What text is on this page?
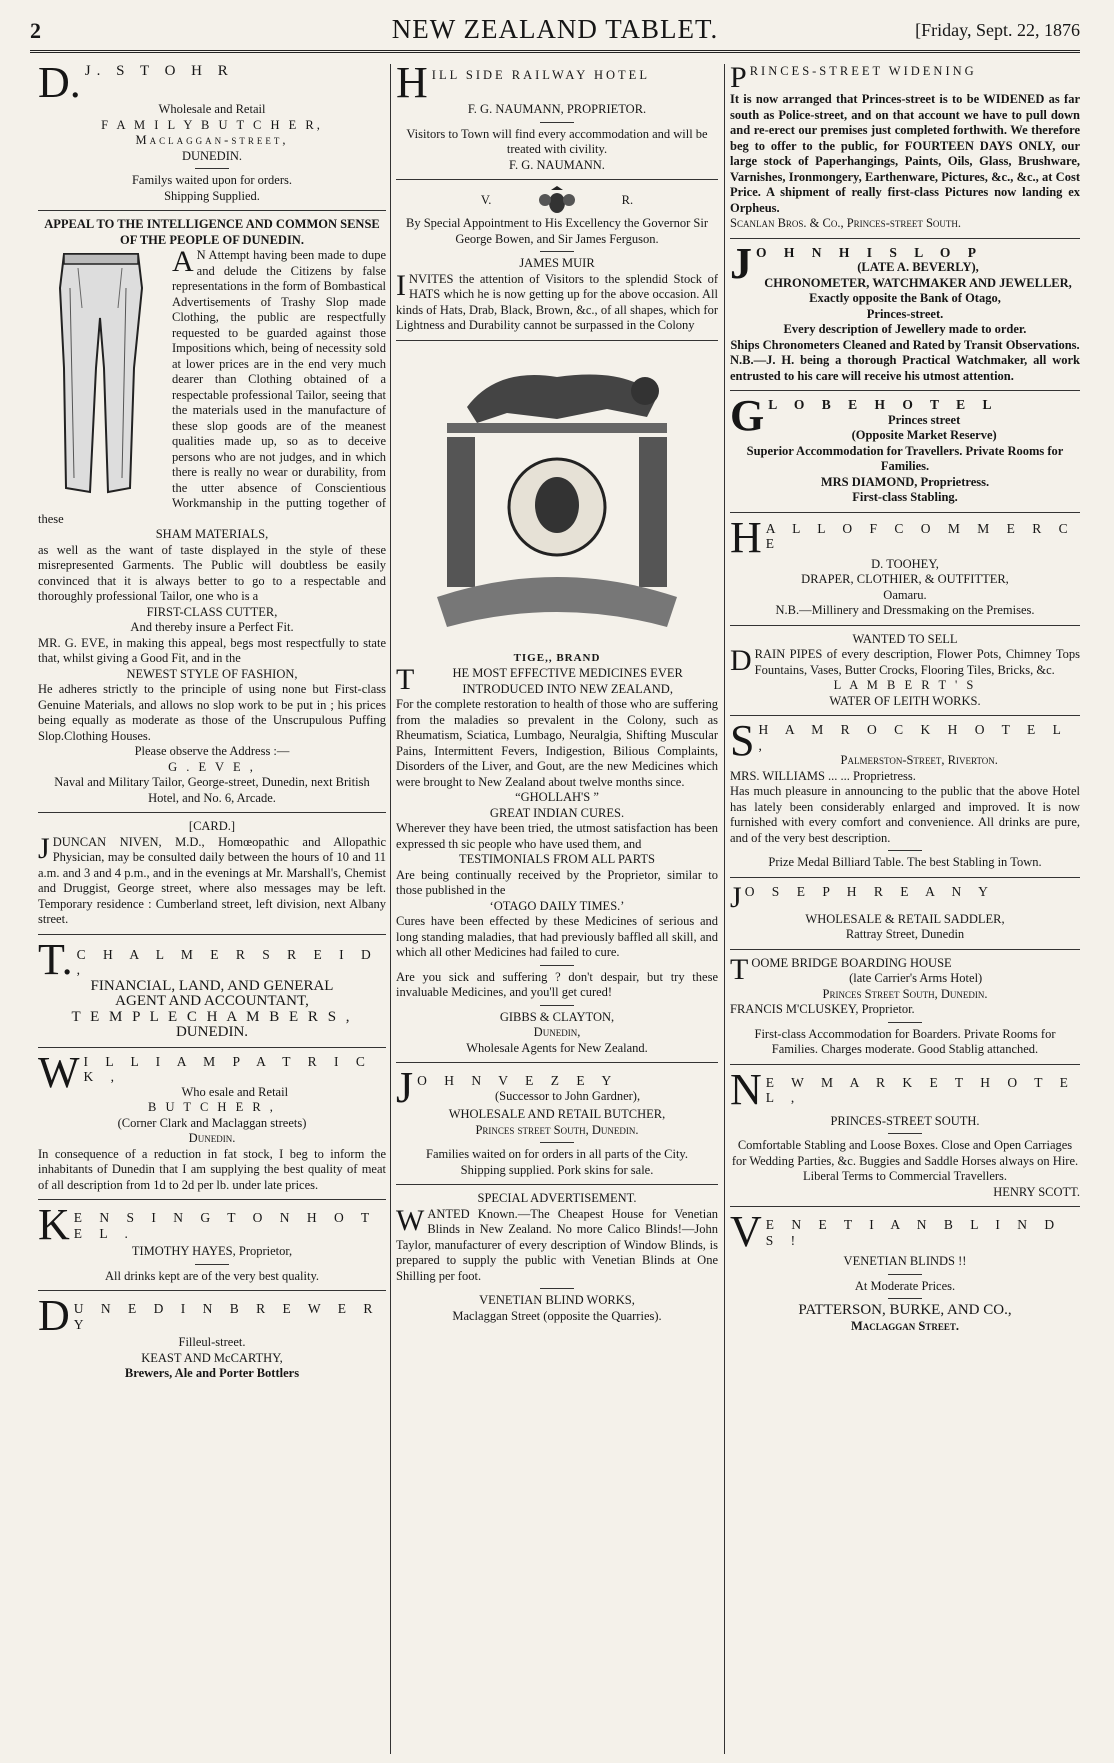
2	NEW ZEALAND TABLET.	[Friday, Sept. 22, 1876
D. J. S T O H R
Wholesale and Retail
F A M I L Y B U T C H E R,
Maclaggan-street,
DUNEDIN.
Familys waited upon for orders.
Shipping Supplied.
APPEAL TO THE INTELLIGENCE AND COMMON SENSE OF THE PEOPLE OF DUNEDIN.
A N Attempt having been made to dupe and delude the Citizens by false representations in the form of Bombastical Advertisements of Trashy Slop made Clothing, the public are respectfully requested to be guarded against those Impositions which, being of necessity sold at lower prices are in the end very much dearer than Clothing obtained of a respectable professional Tailor, seeing that the materials used in the manufacture of these slop goods are of the meanest qualities made up, so as to deceive persons who are not judges, and in which there is really no wear or durability, from the utter absence of Conscientious Workmanship in the putting together of these
SHAM MATERIALS,
as well as the want of taste displayed in the style of these misrepresented Garments. The Public will doubtless be easily convinced that it is always better to go to a respectable and thoroughly professional Tailor, one who is a
FIRST-CLASS CUTTER,
And thereby insure a Perfect Fit.
MR. G. EVE, in making this appeal, begs most respectfully to state that, whilst giving a Good Fit, and in the
NEWEST STYLE OF FASHION,
He adheres strictly to the principle of using none but First-class Genuine Materials, and allows no slop work to be put in ; his prices being equally as moderate as those of the Unscrupulous Puffing Slop.Clothing Houses.
Please observe the Address :—
G . E V E ,
Naval and Military Tailor, George-street, Dunedin, next British Hotel, and No. 6, Arcade.
[CARD.]
J DUNCAN NIVEN, M.D., Homœopathic and Allopathic Physician, may be consulted daily between the hours of 10 and 11 a.m. and 3 and 4 p.m., and in the evenings at Mr. Marshall's, Chemist and Druggist, George street, where also messages may be left. Temporary residence : Cumberland street, left division, next Albany street.
T. C H A L M E R S R E I D ,
FINANCIAL, LAND, AND GENERAL
AGENT AND ACCOUNTANT,
T E M P L E C H A M B E R S ,
DUNEDIN.
W I L L I A M P A T R I C K ,
Who esale and Retail
B U T C H E R ,
(Corner Clark and Maclaggan streets)
Dunedin.
In consequence of a reduction in fat stock, I beg to inform the inhabitants of Dunedin that I am supplying the best quality of meat of all description from 1d to 2d per lb. under late prices.
K E N S I N G T O N H O T E L .
TIMOTHY HAYES, Proprietor,
All drinks kept are of the very best quality.
D U N E D I N B R E W E R Y
Filleul-street.
KEAST AND McCARTHY,
Brewers, Ale and Porter Bottlers
H ILL SIDE RAILWAY HOTEL
F. G. NAUMANN, PROPRIETOR.
Visitors to Town will find every accommodation and will be treated with civility.
F. G. NAUMANN.
V.	R.
By Special Appointment to His Excellency the Governor Sir George Bowen, and Sir James Ferguson.
JAMES MUIR
I NVITES the attention of Visitors to the splendid Stock of HATS which he is now getting up for the above occasion. All kinds of Hats, Drab, Black, Brown, &c., of all shapes, which for Lightness and Durability cannot be surpassed in the Colony
TIGE,, BRAND
T	HE MOST EFFECTIVE MEDICINES EVER INTRODUCED INTO NEW ZEALAND,
For the complete restoration to health of those who are suffering from the maladies so prevalent in the Colony, such as Rheumatism, Sciatica, Lumbago, Neuralgia, Shifting Muscular Pains, Intermittent Fevers, Indigestion, Bilious Complaints, Disorders of the Liver, and Gout, are the new Medicines which were brought to New Zealand about twelve months since.
“GHOLLAH'S ”
GREAT INDIAN CURES.
Wherever they have been tried, the utmost satisfaction has been expressed th sic people who have used them, and
TESTIMONIALS FROM ALL PARTS
Are being continually received by the Proprietor, similar to those published in the
‘OTAGO DAILY TIMES.’
Cures have been effected by these Medicines of serious and long standing maladies, that had previously baffled all skill, and which all other Medicines had failed to cure.
Are you sick and suffering ? don't despair, but try these invaluable Medicines, and you'll get cured!
GIBBS & CLAYTON,
Dunedin,
Wholesale Agents for New Zealand.
J O H N V E Z E Y
(Successor to John Gardner),
WHOLESALE AND RETAIL BUTCHER,
Princes street South, Dunedin.
Families waited on for orders in all parts of the City.
Shipping supplied. Pork skins for sale.
SPECIAL ADVERTISEMENT.
W ANTED Known.—The Cheapest House for Venetian Blinds in New Zealand. No more Calico Blinds!—John Taylor, manufacturer of every description of Window Blinds, is prepared to supply the public with Venetian Blinds at One Shilling per foot.
VENETIAN BLIND WORKS,
Maclaggan Street (opposite the Quarries).
P RINCES-STREET WIDENING
It is now arranged that Princes-street is to be WIDENED as far south as Police-street, and on that account we have to pull down and re-erect our premises just completed forthwith. We therefore beg to offer to the public, for FOURTEEN DAYS ONLY, our large stock of Paperhangings, Paints, Oils, Glass, Brushware, Varnishes, Ironmongery, Earthenware, Pictures, &c., &c., at Cost Price. A shipment of really first-class Pictures now landing ex Orpheus.
Scanlan Bros. & Co., Princes-street South.
J O H N H I S L O P
(LATE A. BEVERLY),
CHRONOMETER, WATCHMAKER AND JEWELLER,
Exactly opposite the Bank of Otago,
Princes-street.
Every description of Jewellery made to order.
Ships Chronometers Cleaned and Rated by Transit Observations.
N.B.—J. H. being a thorough Practical Watchmaker, all work entrusted to his care will receive his utmost attention.
G L O B E H O T E L
Princes street
(Opposite Market Reserve)
Superior Accommodation for Travellers. Private Rooms for Families.
MRS DIAMOND, Proprietress.
First-class Stabling.
H A L L O F C O M M E R C E
D. TOOHEY,
DRAPER, CLOTHIER, & OUTFITTER,
Oamaru.
N.B.—Millinery and Dressmaking on the Premises.
WANTED TO SELL
D RAIN PIPES of every description, Flower Pots, Chimney Tops Fountains, Vases, Butter Crocks, Flooring Tiles, Bricks, &c.
L A M B E R T ' S
WATER OF LEITH WORKS.
S H A M R O C K H O T E L ,
Palmerston-Street, Riverton.
MRS. WILLIAMS ... ... Proprietress.
Has much pleasure in announcing to the public that the above Hotel has lately been considerably enlarged and improved. It is now furnished with every comfort and convenience. All drinks are pure, and of the very best description.
Prize Medal Billiard Table. The best Stabling in Town.
J O S E P H R E A N Y
WHOLESALE & RETAIL SADDLER,
Rattray Street, Dunedin
T OOME BRIDGE BOARDING HOUSE
(late Carrier's Arms Hotel)
Princes Street South, Dunedin.
FRANCIS M'CLUSKEY, Proprietor.
First-class Accommodation for Boarders. Private Rooms for Families. Charges moderate. Good Stablig attanched.
N E W M A R K E T H O T E L ,
PRINCES-STREET SOUTH.
Comfortable Stabling and Loose Boxes. Close and Open Carriages for Wedding Parties, &c. Buggies and Saddle Horses always on Hire. Liberal Terms to Commercial Travellers.
HENRY SCOTT.
V E N E T I A N B L I N D S !
VENETIAN BLINDS !!
At Moderate Prices.
PATTERSON, BURKE, AND CO.,
Maclaggan Street.
